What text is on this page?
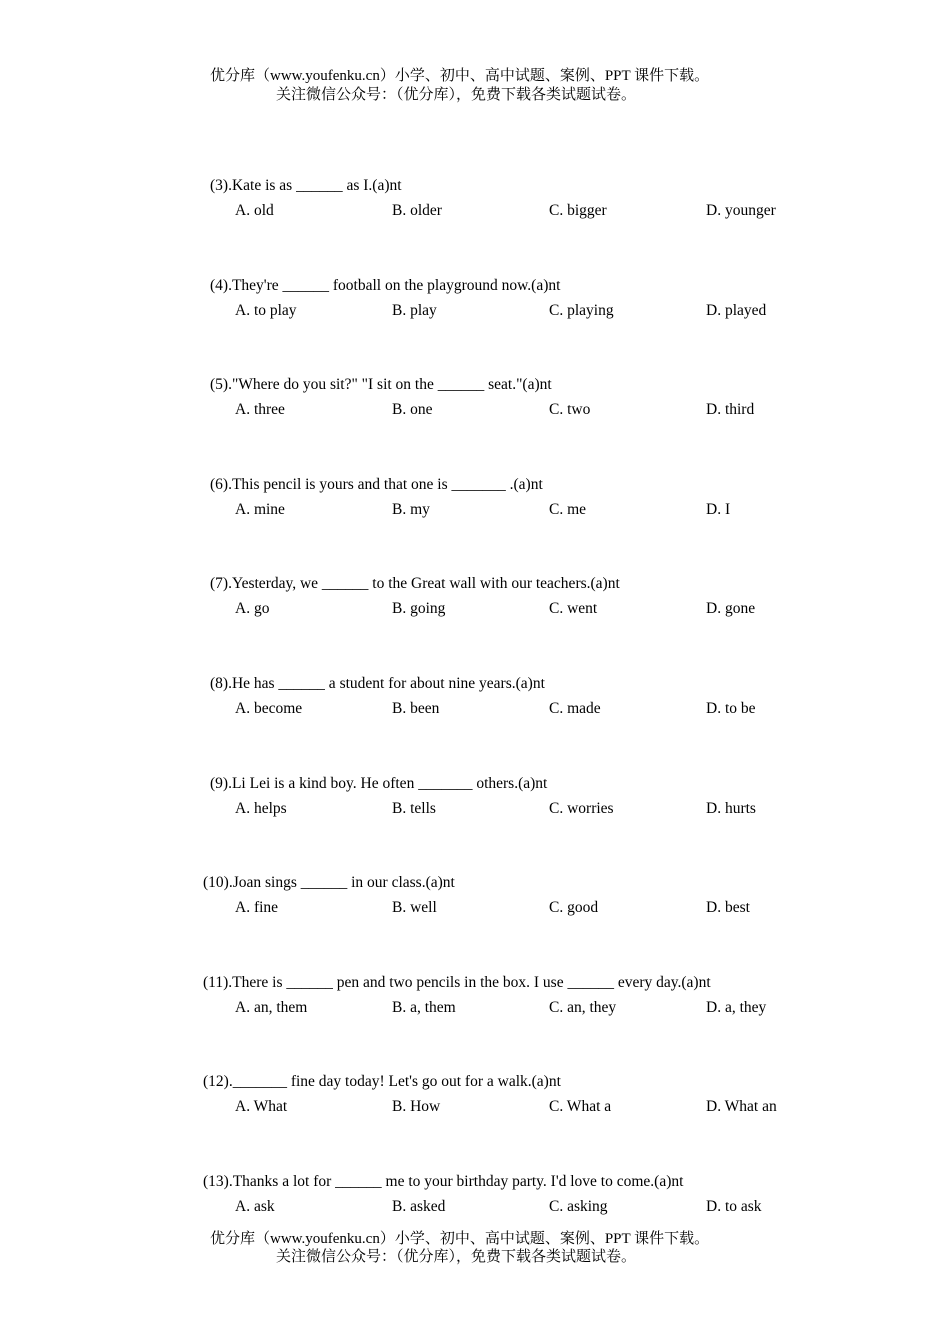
优分库（www.youfenku.cn）小学、初中、高中试题、案例、PPT 课件下载。
关注微信公众号：（优分库），免费下载各类试题试卷。
(3).Kate is as ______ as I.(a)nt
A. old	B. older	C. bigger	D. younger
(4).They're ______ football on the playground now.(a)nt
A. to play	B. play	C. playing	D. played
(5)."Where do you sit?" "I sit on the ______ seat."(a)nt
A. three	B. one	C. two	D. third
(6).This pencil is yours and that one is _______ .(a)nt
A. mine	B. my	C. me	D. I
(7).Yesterday, we ______ to the Great wall with our teachers.(a)nt
A. go	B. going	C. went	D. gone
(8).He has ______ a student for about nine years.(a)nt
A. become	B. been	C. made	D. to be
(9).Li Lei is a kind boy. He often _______ others.(a)nt
A. helps	B. tells	C. worries	D. hurts
(10).Joan sings ______ in our class.(a)nt
A. fine	B. well	C. good	D. best
(11).There is ______ pen and two pencils in the box. I use ______ every day.(a)nt
A. an, them	B. a, them	C. an, they	D. a, they
(12)._______ fine day today! Let's go out for a walk.(a)nt
A. What	B. How	C. What a	D. What an
(13).Thanks a lot for ______ me to your birthday party. I'd love to come.(a)nt
A. ask	B. asked	C. asking	D. to ask
优分库（www.youfenku.cn）小学、初中、高中试题、案例、PPT 课件下载。
关注微信公众号：（优分库），免费下载各类试题试卷。
